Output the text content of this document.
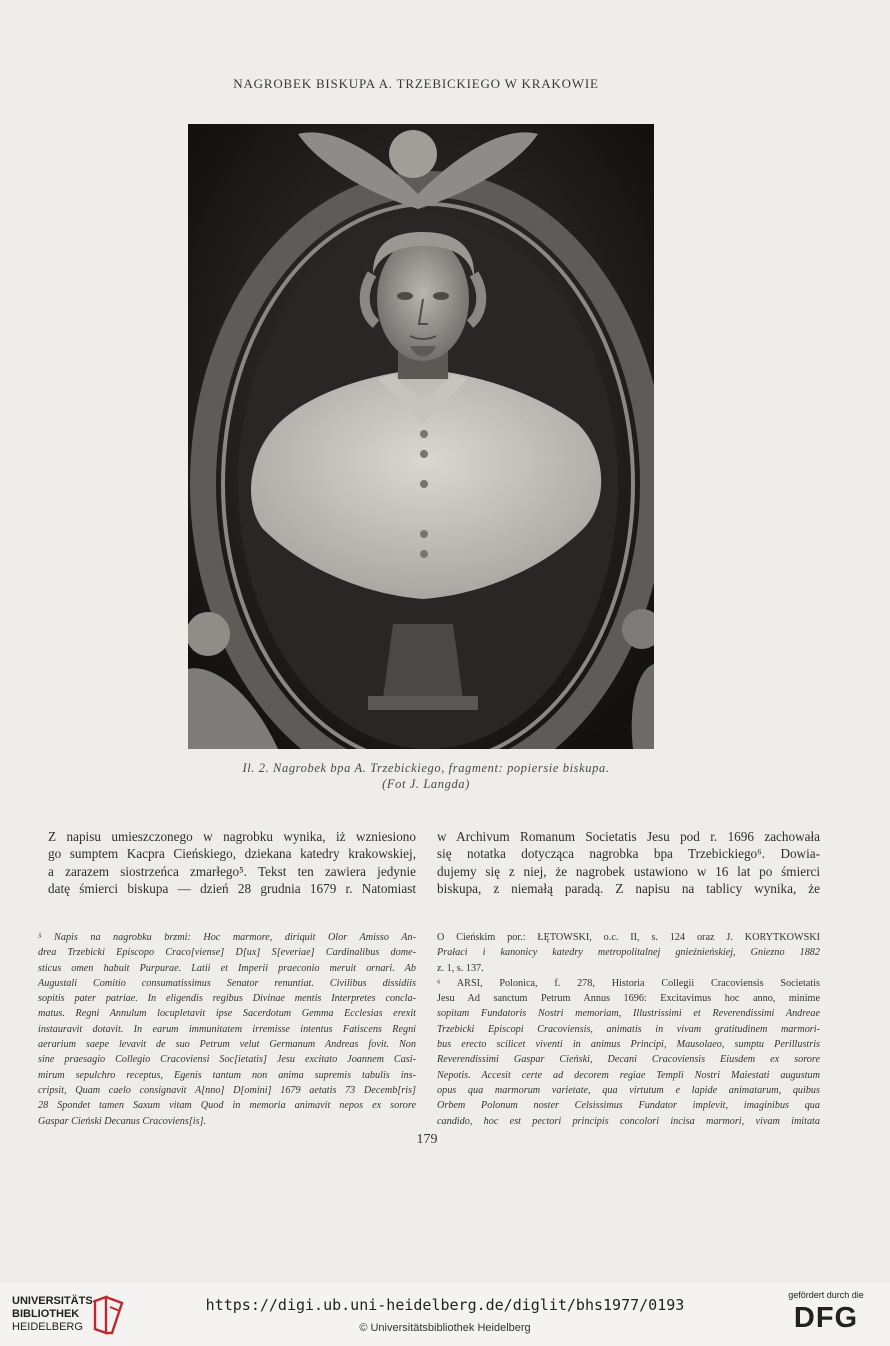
NAGROBEK BISKUPA A. TRZEBICKIEGO W KRAKOWIE
Il. 2. Nagrobek bpa A. Trzebickiego, fragment: popiersie biskupa.
(Fot J. Langda)
Z napisu umieszczonego w nagrobku wynika, iż wzniesiono
go sumptem Kacpra Cieńskiego, dziekana katedry krakowskiej,
a zarazem siostrzeńca zmarłego⁵. Tekst ten zawiera jedynie
datę śmierci biskupa — dzień 28 grudnia 1679 r. Natomiast
w Archivum Romanum Societatis Jesu pod r. 1696 zachowała
się notatka dotycząca nagrobka bpa Trzebickiego⁶. Dowia-
dujemy się z niej, że nagrobek ustawiono w 16 lat po śmierci
biskupa, z niemałą paradą. Z napisu na tablicy wynika, że
⁵ Napis na nagrobku brzmi: Hoc marmore, diriquit Olor Amisso An-
drea Trzebicki Episcopo Craco[viense] D[ux] S[everiae] Cardinalibus dome-
sticus omen habuit Purpurae. Latii et Imperii praeconio meruit ornari. Ab
Augustali Comitio consumatissimus Senator renuntiat. Civilibus dissidiis
sopitis pater patriae. In eligendis regibus Divinae mentis Interpretes concla-
matus. Regni Annulum locupletavit ipse Sacerdotum Gemma Ecclesias erexit
instauravit dotavit. In earum immunitatem irremisse intentus Fatiscens Regni
aerarium saepe levavit de suo Petrum velut Germanum Andreas fovit. Non
sine praesagio Collegio Cracoviensi Soc[ietatis] Jesu excitato Joannem Casi-
mirum sepulchro receptus, Egenis tantum non anima supremis tabulis ins-
cripsit, Quam caelo consignavit A[nno] D[omini] 1679 aetatis 73 Decemb[ris]
28 Spondet tamen Saxum vitam Quod in memoria animavit nepos ex sorore
Gaspar Cieński Decanus Cracoviens[is].
O Cieńskim por.: ŁĘTOWSKI, o.c. II, s. 124 oraz J. KORYTKOWSKI
Prałaci i kanonicy katedry metropolitalnej gnieźnieńskiej, Gniezno 1882
z. 1, s. 137.
⁶ ARSI, Polonica, f. 278, Historia Collegii Cracoviensis Societatis
Jesu Ad sanctum Petrum Annus 1696: Excitavimus hoc anno, minime
sopitam Fundatoris Nostri memoriam, Illustrissimi et Reverendissimi Andreae
Trzebicki Episcopi Cracoviensis, animatis in vivam gratitudinem marmori-
bus erecto scilicet viventi in animus Principi, Mausolaeo, sumptu Perillustris
Reverendissimi Gaspar Cieński, Decani Cracoviensis Eiusdem ex sorore
Nepotis. Accesit certe ad decorem regiae Templi Nostri Maiestati augustum
opus qua marmorum varietate, qua virtutum e lapide animatarum, quibus
Orbem Polonum noster Celsissimus Fundator implevit, imaginibus qua
candido, hoc est pectori principis concolori incisa marmori, vivam imitata
179
UNIVERSITÄTS-
BIBLIOTHEK
HEIDELBERG
https://digi.ub.uni-heidelberg.de/diglit/bhs1977/0193
© Universitätsbibliothek Heidelberg
gefördert durch die
DFG
